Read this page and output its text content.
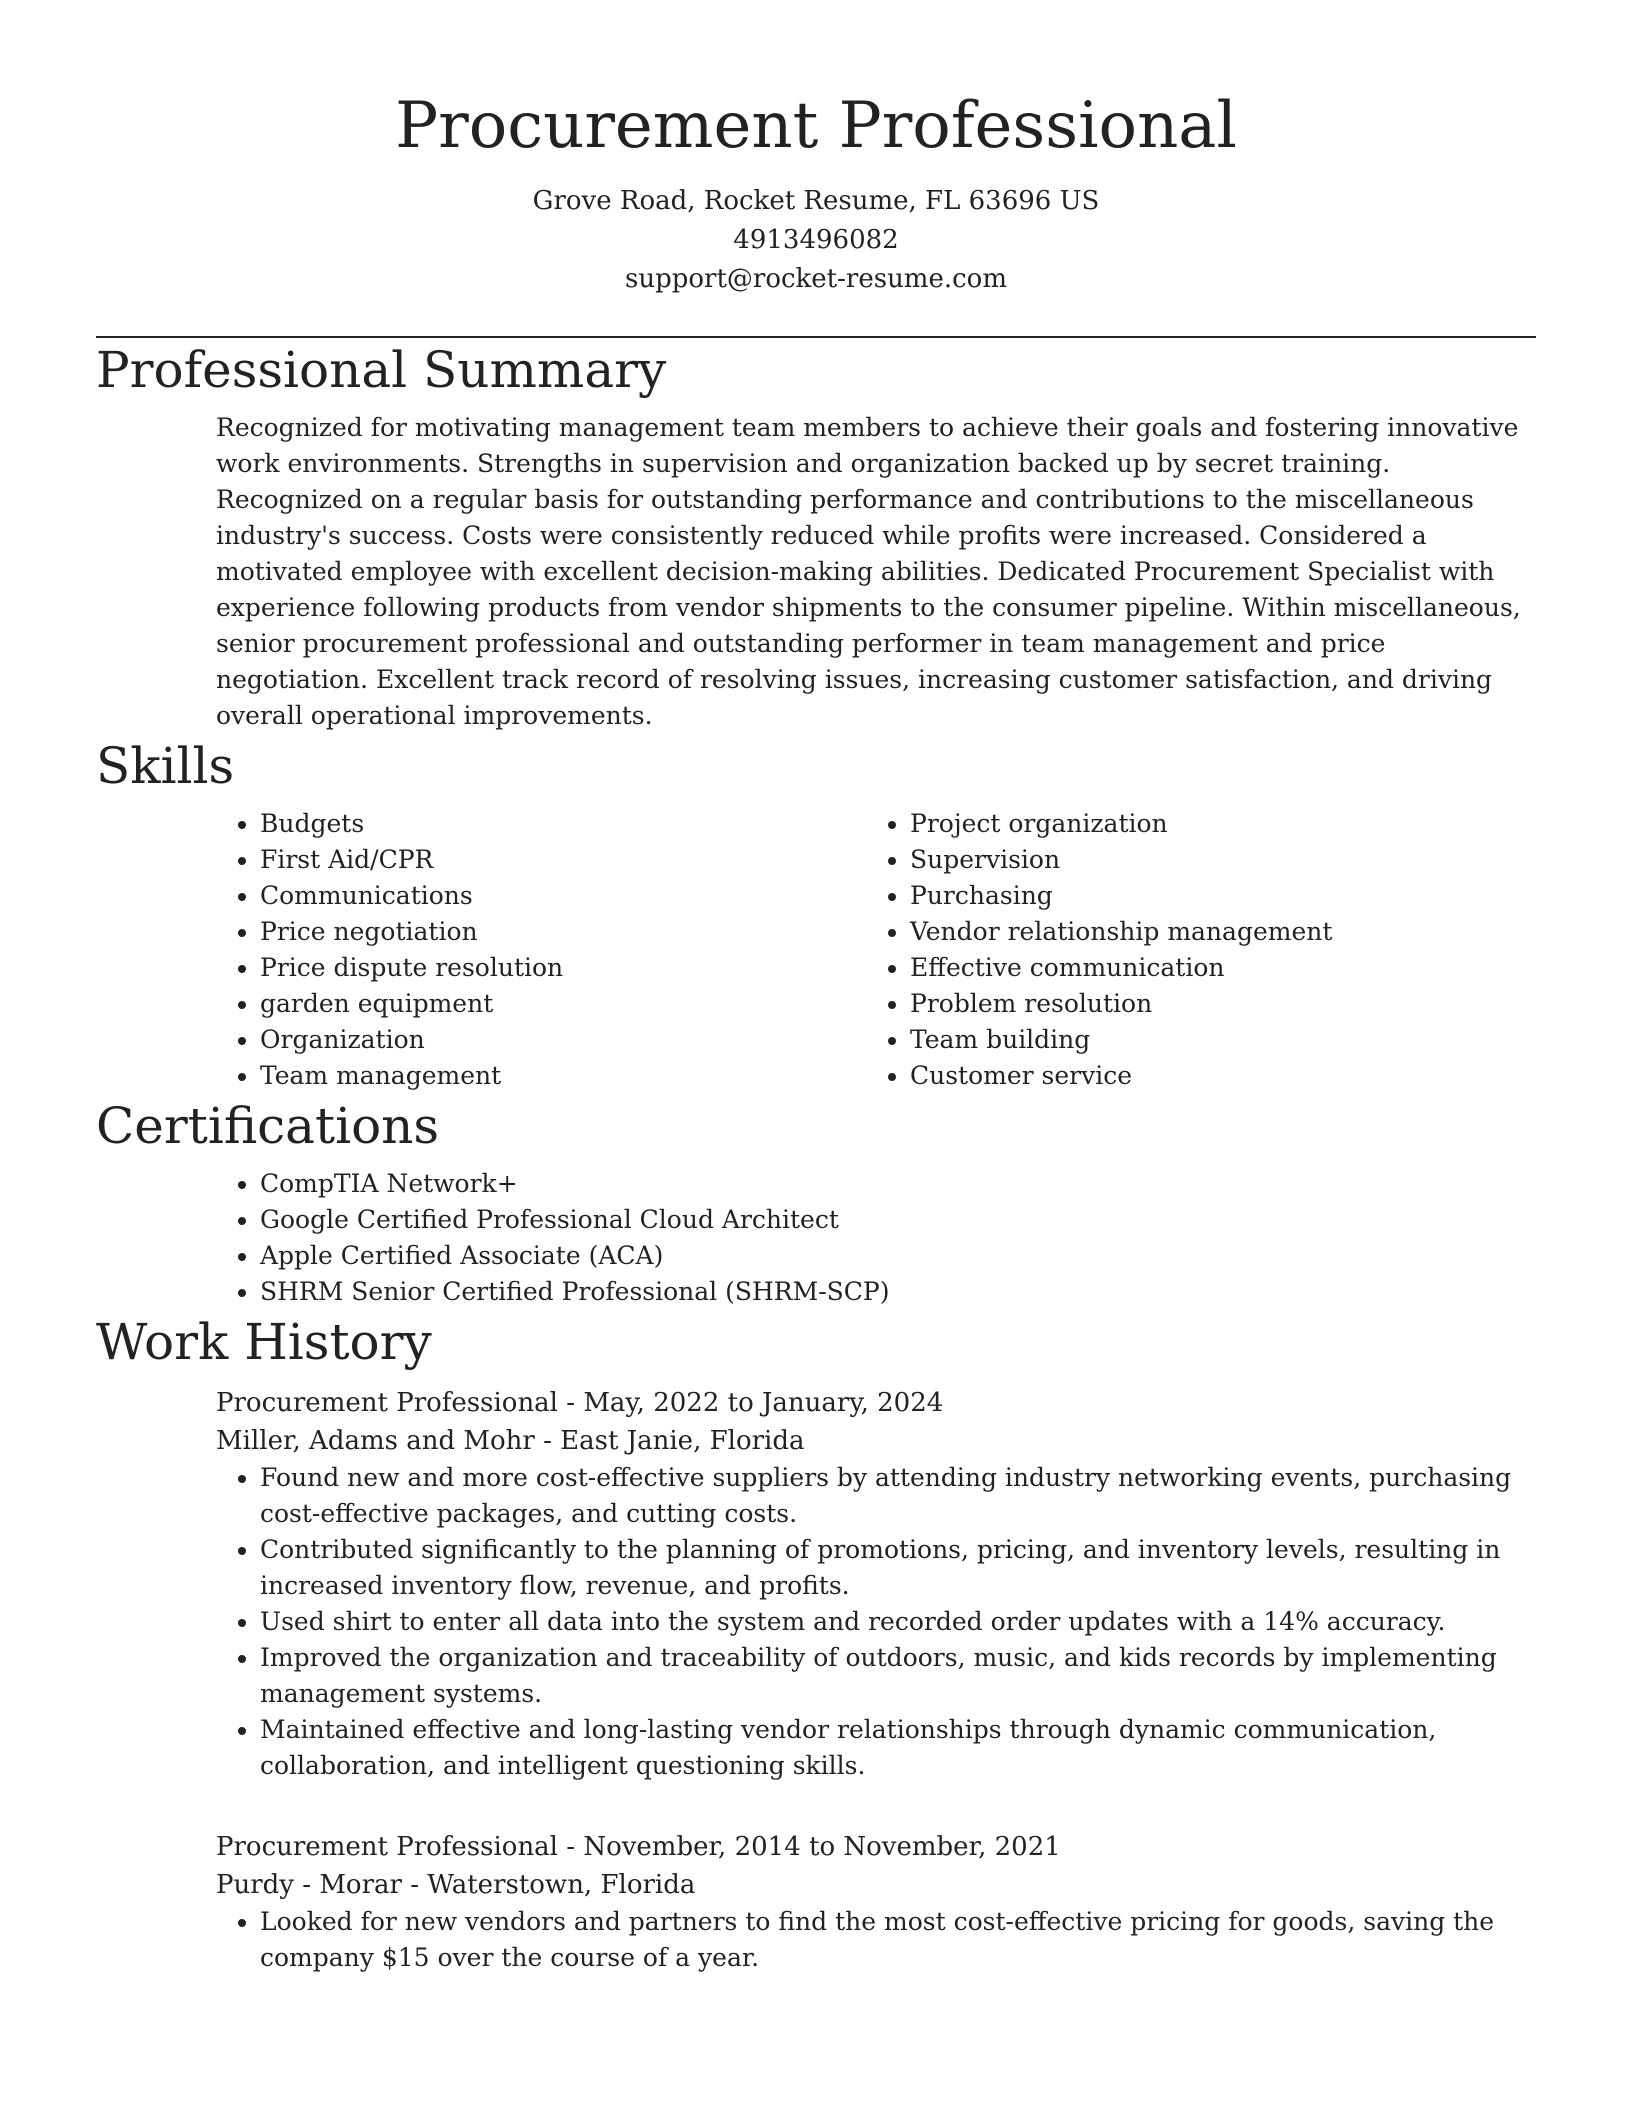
Procurement Professional
Grove Road, Rocket Resume, FL 63696 US
4913496082
support@rocket-resume.com
Professional Summary
Recognized for motivating management team members to achieve their goals and fostering innovative work environments. Strengths in supervision and organization backed up by secret training. Recognized on a regular basis for outstanding performance and contributions to the miscellaneous industry's success. Costs were consistently reduced while profits were increased. Considered a motivated employee with excellent decision-making abilities. Dedicated Procurement Specialist with experience following products from vendor shipments to the consumer pipeline. Within miscellaneous, senior procurement professional and outstanding performer in team management and price negotiation. Excellent track record of resolving issues, increasing customer satisfaction, and driving overall operational improvements.
Skills
• Budgets
• First Aid/CPR
• Communications
• Price negotiation
• Price dispute resolution
• garden equipment
• Organization
• Team management
• Project organization
• Supervision
• Purchasing
• Vendor relationship management
• Effective communication
• Problem resolution
• Team building
• Customer service
Certifications
• CompTIA Network+
• Google Certified Professional Cloud Architect
• Apple Certified Associate (ACA)
• SHRM Senior Certified Professional (SHRM-SCP)
Work History
Procurement Professional - May, 2022 to January, 2024
Miller, Adams and Mohr - East Janie, Florida
• Found new and more cost-effective suppliers by attending industry networking events, purchasing cost-effective packages, and cutting costs.
• Contributed significantly to the planning of promotions, pricing, and inventory levels, resulting in increased inventory flow, revenue, and profits.
• Used shirt to enter all data into the system and recorded order updates with a 14% accuracy.
• Improved the organization and traceability of outdoors, music, and kids records by implementing management systems.
• Maintained effective and long-lasting vendor relationships through dynamic communication, collaboration, and intelligent questioning skills.
Procurement Professional - November, 2014 to November, 2021
Purdy - Morar - Waterstown, Florida
• Looked for new vendors and partners to find the most cost-effective pricing for goods, saving the company $15 over the course of a year.
